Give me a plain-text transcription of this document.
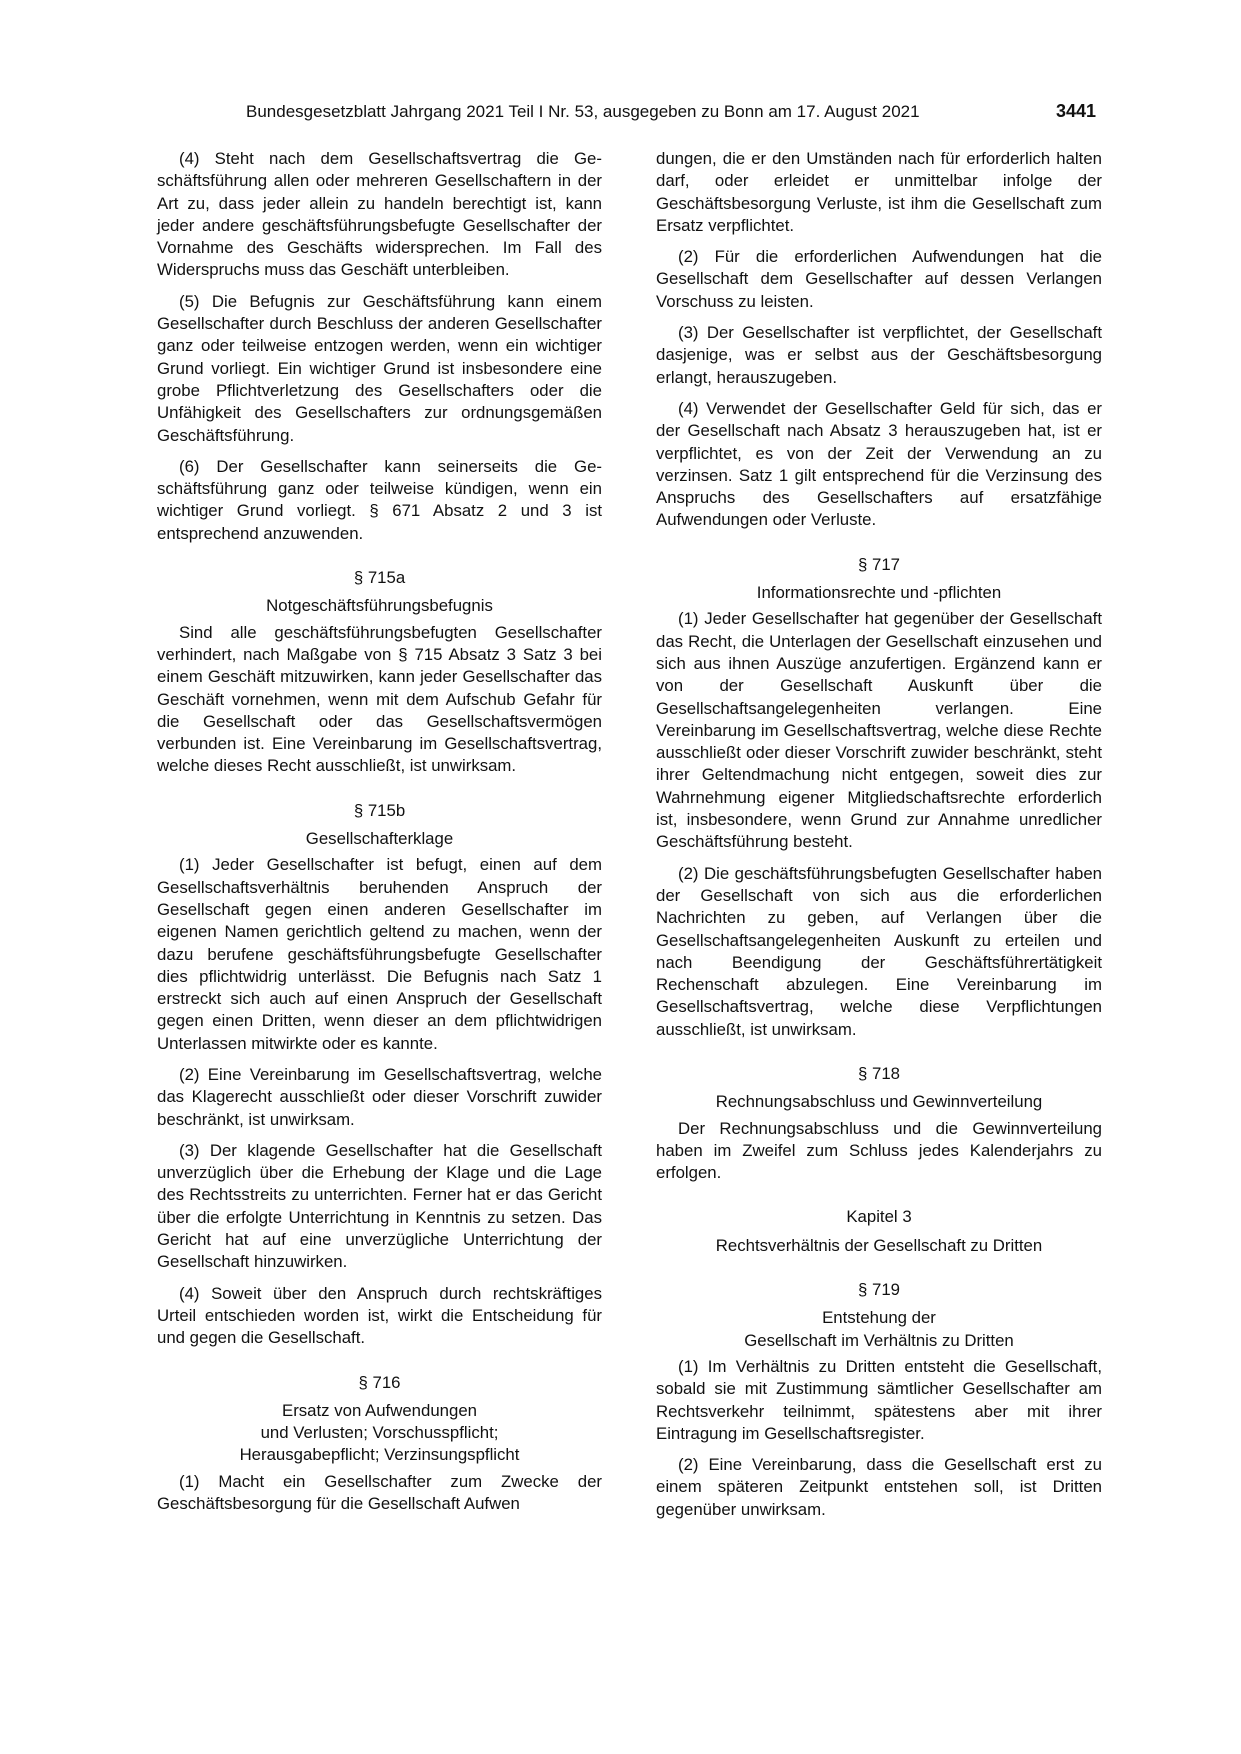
Bundesgesetzblatt Jahrgang 2021 Teil I Nr. 53, ausgegeben zu Bonn am 17. August 2021	3441

(4) Steht nach dem Gesellschaftsvertrag die Geschäftsführung allen oder mehreren Gesellschaftern in der Art zu, dass jeder allein zu handeln berechtigt ist, kann jeder andere geschäftsführungsbefugte Gesellschafter der Vornahme des Geschäfts widersprechen. Im Fall des Widerspruchs muss das Geschäft unterbleiben.

(5) Die Befugnis zur Geschäftsführung kann einem Gesellschafter durch Beschluss der anderen Gesellschafter ganz oder teilweise entzogen werden, wenn ein wichtiger Grund vorliegt. Ein wichtiger Grund ist insbesondere eine grobe Pflichtverletzung des Gesellschafters oder die Unfähigkeit des Gesellschafters zur ordnungsgemäßen Geschäftsführung.

(6) Der Gesellschafter kann seinerseits die Geschäftsführung ganz oder teilweise kündigen, wenn ein wichtiger Grund vorliegt. § 671 Absatz 2 und 3 ist entsprechend anzuwenden.

§ 715a
Notgeschäftsführungsbefugnis

Sind alle geschäftsführungsbefugten Gesellschafter verhindert, nach Maßgabe von § 715 Absatz 3 Satz 3 bei einem Geschäft mitzuwirken, kann jeder Gesellschafter das Geschäft vornehmen, wenn mit dem Aufschub Gefahr für die Gesellschaft oder das Gesellschaftsvermögen verbunden ist. Eine Vereinbarung im Gesellschaftsvertrag, welche dieses Recht ausschließt, ist unwirksam.

§ 715b
Gesellschafterklage

(1) Jeder Gesellschafter ist befugt, einen auf dem Gesellschaftsverhältnis beruhenden Anspruch der Gesellschaft gegen einen anderen Gesellschafter im eigenen Namen gerichtlich geltend zu machen, wenn der dazu berufene geschäftsführungsbefugte Gesellschafter dies pflichtwidrig unterlässt. Die Befugnis nach Satz 1 erstreckt sich auch auf einen Anspruch der Gesellschaft gegen einen Dritten, wenn dieser an dem pflichtwidrigen Unterlassen mitwirkte oder es kannte.

(2) Eine Vereinbarung im Gesellschaftsvertrag, welche das Klagerecht ausschließt oder dieser Vorschrift zuwider beschränkt, ist unwirksam.

(3) Der klagende Gesellschafter hat die Gesellschaft unverzüglich über die Erhebung der Klage und die Lage des Rechtsstreits zu unterrichten. Ferner hat er das Gericht über die erfolgte Unterrichtung in Kenntnis zu setzen. Das Gericht hat auf eine unverzügliche Unterrichtung der Gesellschaft hinzuwirken.

(4) Soweit über den Anspruch durch rechtskräftiges Urteil entschieden worden ist, wirkt die Entscheidung für und gegen die Gesellschaft.

§ 716
Ersatz von Aufwendungen
und Verlusten; Vorschusspflicht;
Herausgabepflicht; Verzinsungspflicht

(1) Macht ein Gesellschafter zum Zwecke der Geschäftsbesorgung für die Gesellschaft Aufwen

dungen, die er den Umständen nach für erforderlich halten darf, oder erleidet er unmittelbar infolge der Geschäftsbesorgung Verluste, ist ihm die Gesellschaft zum Ersatz verpflichtet.

(2) Für die erforderlichen Aufwendungen hat die Gesellschaft dem Gesellschafter auf dessen Verlangen Vorschuss zu leisten.

(3) Der Gesellschafter ist verpflichtet, der Gesellschaft dasjenige, was er selbst aus der Geschäftsbesorgung erlangt, herauszugeben.

(4) Verwendet der Gesellschafter Geld für sich, das er der Gesellschaft nach Absatz 3 herauszugeben hat, ist er verpflichtet, es von der Zeit der Verwendung an zu verzinsen. Satz 1 gilt entsprechend für die Verzinsung des Anspruchs des Gesellschafters auf ersatzfähige Aufwendungen oder Verluste.

§ 717
Informationsrechte und -pflichten

(1) Jeder Gesellschafter hat gegenüber der Gesellschaft das Recht, die Unterlagen der Gesellschaft einzusehen und sich aus ihnen Auszüge anzufertigen. Ergänzend kann er von der Gesellschaft Auskunft über die Gesellschaftsangelegenheiten verlangen. Eine Vereinbarung im Gesellschaftsvertrag, welche diese Rechte ausschließt oder dieser Vorschrift zuwider beschränkt, steht ihrer Geltendmachung nicht entgegen, soweit dies zur Wahrnehmung eigener Mitgliedschaftsrechte erforderlich ist, insbesondere, wenn Grund zur Annahme unredlicher Geschäftsführung besteht.

(2) Die geschäftsführungsbefugten Gesellschafter haben der Gesellschaft von sich aus die erforderlichen Nachrichten zu geben, auf Verlangen über die Gesellschaftsangelegenheiten Auskunft zu erteilen und nach Beendigung der Geschäftsführertätigkeit Rechenschaft abzulegen. Eine Vereinbarung im Gesellschaftsvertrag, welche diese Verpflichtungen ausschließt, ist unwirksam.

§ 718
Rechnungsabschluss und Gewinnverteilung

Der Rechnungsabschluss und die Gewinnverteilung haben im Zweifel zum Schluss jedes Kalenderjahrs zu erfolgen.

Kapitel 3
Rechtsverhältnis der Gesellschaft zu Dritten
§ 719
Entstehung der
Gesellschaft im Verhältnis zu Dritten

(1) Im Verhältnis zu Dritten entsteht die Gesellschaft, sobald sie mit Zustimmung sämtlicher Gesellschafter am Rechtsverkehr teilnimmt, spätestens aber mit ihrer Eintragung im Gesellschaftsregister.

(2) Eine Vereinbarung, dass die Gesellschaft erst zu einem späteren Zeitpunkt entstehen soll, ist Dritten gegenüber unwirksam.
